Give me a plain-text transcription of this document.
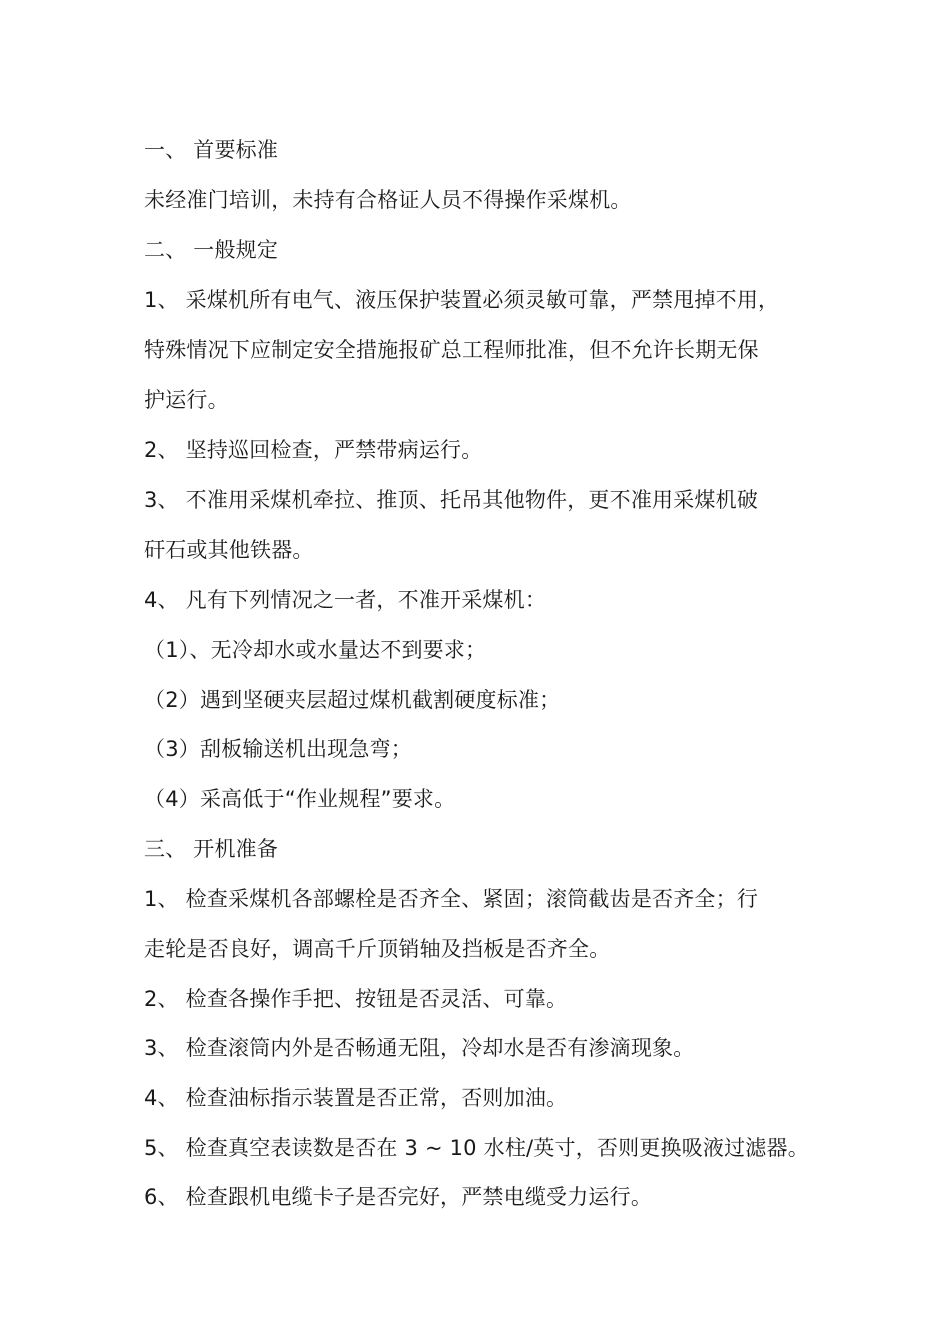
一、 首要标准
未经准门培训，未持有合格证人员不得操作采煤机。
二、 一般规定
1、 采煤机所有电气、液压保护装置必须灵敏可靠，严禁甩掉不用，
特殊情况下应制定安全措施报矿总工程师批准，但不允许长期无保
护运行。
2、 坚持巡回检查，严禁带病运行。
3、 不准用采煤机牵拉、推顶、托吊其他物件，更不准用采煤机破
矸石或其他铁器。
4、 凡有下列情况之一者，不准开采煤机：
（1）、无冷却水或水量达不到要求；
（2）遇到坚硬夹层超过煤机截割硬度标准；
（3）刮板输送机出现急弯；
（4）采高低于“作业规程”要求。
三、 开机准备
1、 检查采煤机各部螺栓是否齐全、紧固；滚筒截齿是否齐全；行
走轮是否良好，调高千斤顶销轴及挡板是否齐全。
2、 检查各操作手把、按钮是否灵活、可靠。
3、 检查滚筒内外是否畅通无阻，冷却水是否有渗滴现象。
4、 检查油标指示装置是否正常，否则加油。
5、 检查真空表读数是否在 3 ~ 10 水柱/英寸，否则更换吸液过滤器。
6、 检查跟机电缆卡子是否完好，严禁电缆受力运行。
